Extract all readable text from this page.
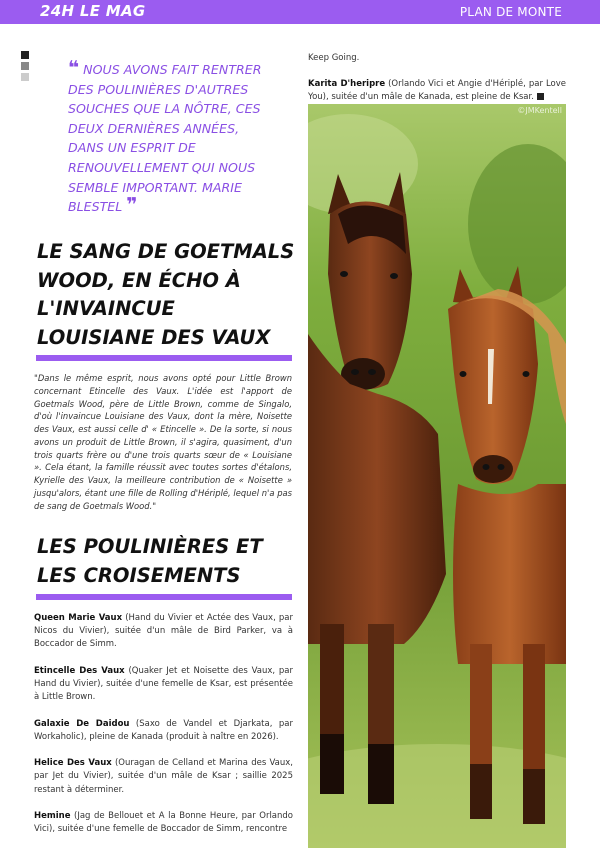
24H LE MAG	PLAN DE MONTE
❝ NOUS AVONS FAIT RENTRER DES POULINIÈRES D'AUTRES SOUCHES QUE LA NÔTRE, CES DEUX DERNIÈRES ANNÉES, DANS UN ESPRIT DE RENOUVELLEMENT QUI NOUS SEMBLE IMPORTANT. MARIE BLESTEL ❞
LE SANG DE GOETMALS WOOD, EN ÉCHO À L'INVAINCUE LOUISIANE DES VAUX
"Dans le même esprit, nous avons opté pour Little Brown concernant Etincelle des Vaux. L'idée est l'apport de Goetmals Wood, père de Little Brown, comme de Singalo, d'où l'invaincue Louisiane des Vaux, dont la mère, Noisette des Vaux, est aussi celle d' « Etincelle ». De la sorte, si nous avons un produit de Little Brown, il s'agira, quasiment, d'un trois quarts frère ou d'une trois quarts sœur de « Louisiane ». Cela étant, la famille réussit avec toutes sortes d'étalons, Kyrielle des Vaux, la meilleure contribution de « Noisette » jusqu'alors, étant une fille de Rolling d'Hériplé, lequel n'a pas de sang de Goetmals Wood."
LES POULINIÈRES ET LES CROISEMENTS
Queen Marie Vaux (Hand du Vivier et Actée des Vaux, par Nicos du Vivier), suitée d'un mâle de Bird Parker, va à Boccador de Simm.
Etincelle Des Vaux (Quaker Jet et Noisette des Vaux, par Hand du Vivier), suitée d'une femelle de Ksar, est présentée à Little Brown.
Galaxie De Daidou (Saxo de Vandel et Djarkata, par Workaholic), pleine de Kanada (produit à naître en 2026).
Helice Des Vaux (Ouragan de Celland et Marina des Vaux, par Jet du Vivier), suitée d'un mâle de Ksar ; saillie 2025 restant à déterminer.
Hemine (Jag de Bellouet et A la Bonne Heure, par Orlando Vici), suitée d'une femelle de Boccador de Simm, rencontre
Keep Going.
Karita D'heripre (Orlando Vici et Angie d'Hériplé, par Love You), suitée d'un mâle de Kanada, est pleine de Ksar.
©JMKentell
